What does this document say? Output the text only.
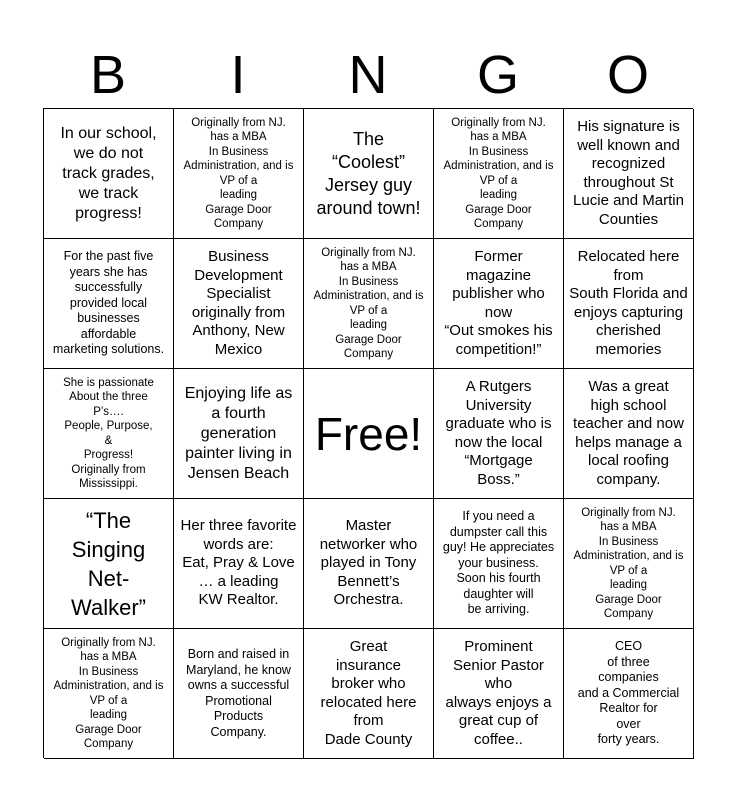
B	I	N	G	O
In our school,
we do not
track grades,
we track
progress!
Originally from NJ.
has a MBA
In Business
Administration, and is
VP of a
leading
Garage Door
Company
The
“Coolest”
Jersey guy
around town!
Originally from NJ.
has a MBA
In Business
Administration, and is
VP of a
leading
Garage Door
Company
His signature is
well known and
recognized
throughout St
Lucie and Martin
Counties
For the past five
years she has
successfully
provided local
businesses
affordable
marketing solutions.
Business
Development
Specialist
originally from
Anthony, New
Mexico
Originally from NJ.
has a MBA
In Business
Administration, and is
VP of a
leading
Garage Door
Company
Former
magazine
publisher who
now
“Out smokes his
competition!”
Relocated here
from
South Florida and
enjoys capturing
cherished
memories
She is passionate
About the three
P’s….
People, Purpose,
&
Progress!
Originally from
Mississippi.
Enjoying life as
a fourth
generation
painter living in
Jensen Beach
Free!
A Rutgers
University
graduate who is
now the local
“Mortgage
Boss.”
Was a great
high school
teacher and now
helps manage a
local roofing
company.
“The
Singing
Net-
Walker”
Her three favorite
words are:
Eat, Pray & Love
… a leading
KW Realtor.
Master
networker who
played in Tony
Bennett’s
Orchestra.
If you need a
dumpster call this
guy! He appreciates
your business.
Soon his fourth
daughter will
be arriving.
Originally from NJ.
has a MBA
In Business
Administration, and is
VP of a
leading
Garage Door
Company
Originally from NJ.
has a MBA
In Business
Administration, and is
VP of a
leading
Garage Door
Company
Born and raised in
Maryland, he know
owns a successful
Promotional
Products
Company.
Great
insurance
broker who
relocated here
from
Dade County
Prominent
Senior Pastor
who
always enjoys a
great cup of
coffee..
CEO
of three
companies
and a Commercial
Realtor for
over
forty years.
